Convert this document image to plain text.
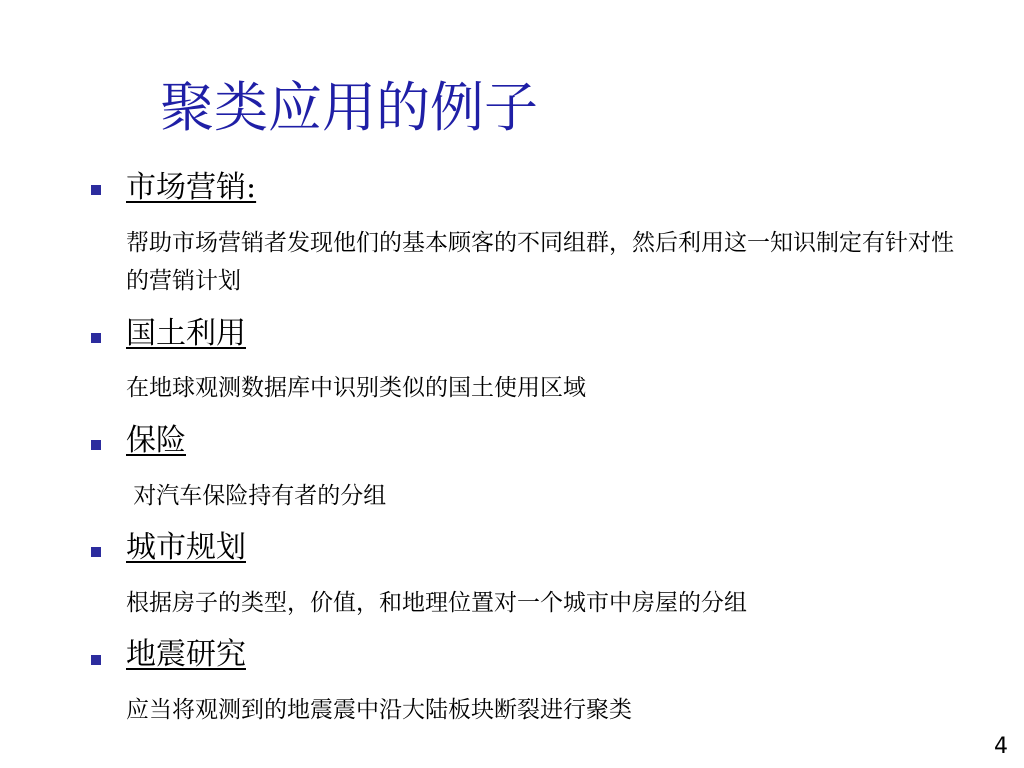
聚类应用的例子
市场营销:
帮助市场营销者发现他们的基本顾客的不同组群，然后利用这一知识制定有针对性的营销计划
国土利用
在地球观测数据库中识别类似的国土使用区域
保险
对汽车保险持有者的分组
城市规划
根据房子的类型，价值，和地理位置对一个城市中房屋的分组
地震研究
应当将观测到的地震震中沿大陆板块断裂进行聚类
4
